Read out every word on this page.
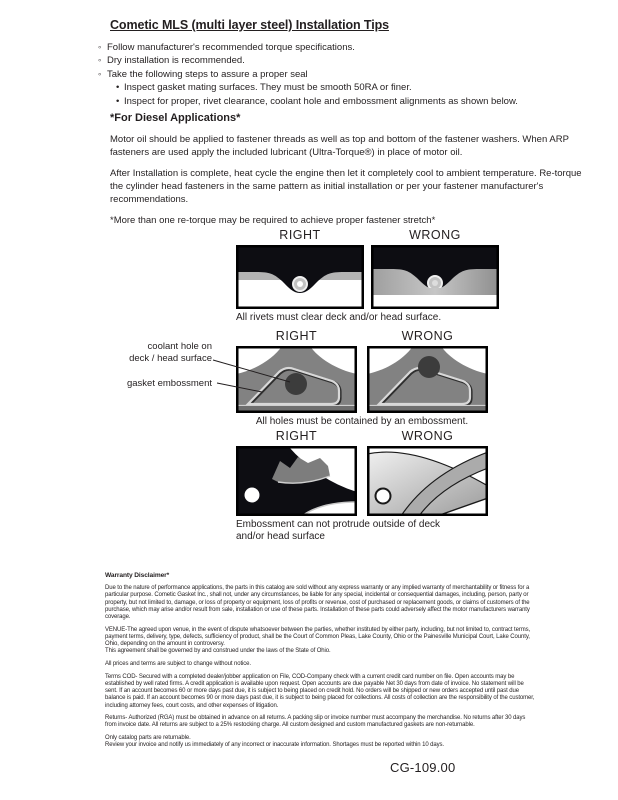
Cometic MLS (multi layer steel) Installation Tips
◦ Follow manufacturer's recommended torque specifications.
◦ Dry installation is recommended.
◦ Take the following steps to assure a proper seal
• Inspect gasket mating surfaces. They must be smooth 50RA or finer.
• Inspect for proper, rivet clearance, coolant hole and embossment alignments as shown below.
*For Diesel Applications*

Motor oil should be applied to fastener threads as well as top and bottom of the fastener washers. When ARP fasteners are used apply the included lubricant (Ultra-Torque®) in place of motor oil.

After Installation is complete, heat cycle the engine then let it completely cool to ambient temperature. Re-torque the cylinder head fasteners in the same pattern as initial installation or per your fastener manufacturer's recommendations.

*More than one re-torque may be required to achieve proper fastener stretch*

RIGHT	WRONG
All rivets must clear deck and/or head surface.
RIGHT	WRONG
All holes must be contained by an embossment.
RIGHT	WRONG
Embossment can not protrude outside of deck
and/or head surface
coolant hole on
deck / head surface
gasket embossment
Warranty Disclaimer*

Due to the nature of performance applications, the parts in this catalog are sold without any express warranty or any implied warranty of merchantability or fitness for a particular purpose. Cometic Gasket Inc., shall not, under any circumstances, be liable for any special, incidental or consequential damages, including, person, party or property, but not limited to, damage, or loss of property or equipment, loss of profits or revenue, cost of purchased or replacement goods, or claims of customers of the purchase, which may arise and/or result from sale, installation or use of these parts. Installation of these parts could adversely affect the motor manufacturers warranty coverage.

VENUE-The agreed upon venue, in the event of dispute whatsoever between the parties, whether instituted by either party, including, but not limited to, contract terms, payment terms, delivery, type, defects, sufficiency of product, shall be the Court of Common Pleas, Lake County, Ohio or the Painesville Municipal Court, Lake County, Ohio, depending on the amount in controversy.

This agreement shall be governed by and construed under the laws of the State of Ohio.

All prices and terms are subject to change without notice.

Terms COD- Secured with a completed dealer/jobber application on File, COD-Company check with a current credit card number on file. Open accounts may be established by well rated firms. A credit application is available upon request. Open accounts are due payable Net 30 days from date of invoice. No statement will be sent. If an account becomes 60 or more days past due, it is subject to being placed on credit hold. No orders will be shipped or new orders accepted until past due balance is paid. If an account becomes 90 or more days past due, it is subject to being placed for collections. All costs of collection are the responsibility of the customer, including attorney fees, court costs, and other expenses of litigation.

Returns- Authorized (RGA) must be obtained in advance on all returns. A packing slip or invoice number must accompany the merchandise. No returns after 30 days from invoice date. All returns are subject to a 25% restocking charge. All custom designed and custom manufactured gaskets are non-returnable.

Only catalog parts are returnable.

Review your invoice and notify us immediately of any incorrect or inaccurate information. Shortages must be reported within 10 days.

CG-109.00
